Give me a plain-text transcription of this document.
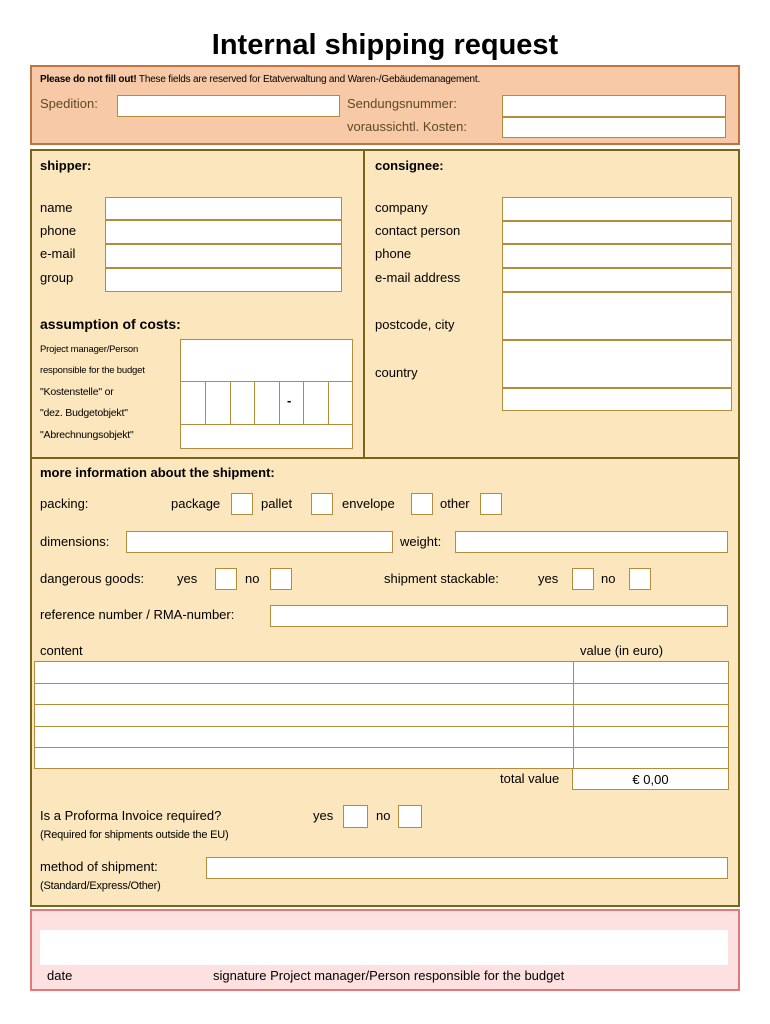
Internal shipping request
Please do not fill out! These fields are reserved for Etatverwaltung and Waren-/Gebäudemanagement.
Spedition:	Sendungsnummer:
voraussichtl. Kosten:
shipper:
name
phone
e-mail
group
assumption of costs:
Project manager/Person
responsible for the budget
"Kostenstelle" or
"dez. Budgetobjekt"
"Abrechnungsobjekt"
-
consignee:
company
contact person
phone
e-mail address
postcode, city
country
more information about the shipment:
packing:	package	pallet	envelope	other
dimensions:	weight:
dangerous goods:	yes	no	shipment stackable:	yes	no
reference number / RMA-number:
content	value (in euro)
total value	€ 0,00
Is a Proforma Invoice required?
(Required for shipments outside the EU)
yes	no
method of shipment:
(Standard/Express/Other)
date	signature Project manager/Person responsible for the budget
